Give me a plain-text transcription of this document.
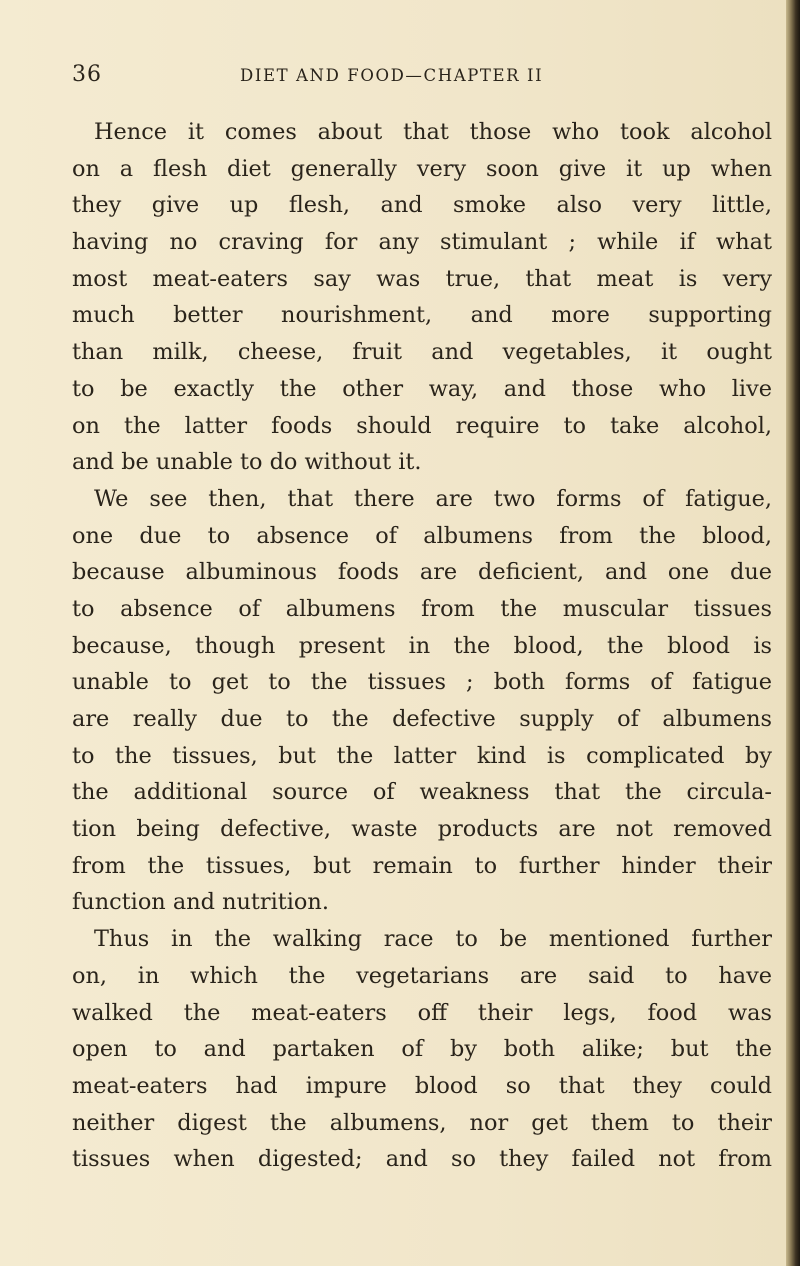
36	DIET AND FOOD—CHAPTER II
Hence it comes about that those who took alcohol
on a flesh diet generally very soon give it up when
they give up flesh, and smoke also very little,
having no craving for any stimulant ; while if what
most meat-eaters say was true, that meat is very
much better nourishment, and more supporting
than milk, cheese, fruit and vegetables, it ought
to be exactly the other way, and those who live
on the latter foods should require to take alcohol,
and be unable to do without it.
We see then, that there are two forms of fatigue,
one due to absence of albumens from the blood,
because albuminous foods are deficient, and one due
to absence of albumens from the muscular tissues
because, though present in the blood, the blood is
unable to get to the tissues ; both forms of fatigue
are really due to the defective supply of albumens
to the tissues, but the latter kind is complicated by
the additional source of weakness that the circula-
tion being defective, waste products are not removed
from the tissues, but remain to further hinder their
function and nutrition.
Thus in the walking race to be mentioned further
on, in which the vegetarians are said to have
walked the meat-eaters off their legs, food was
open to and partaken of by both alike; but the
meat-eaters had impure blood so that they could
neither digest the albumens, nor get them to their
tissues when digested; and so they failed not from
